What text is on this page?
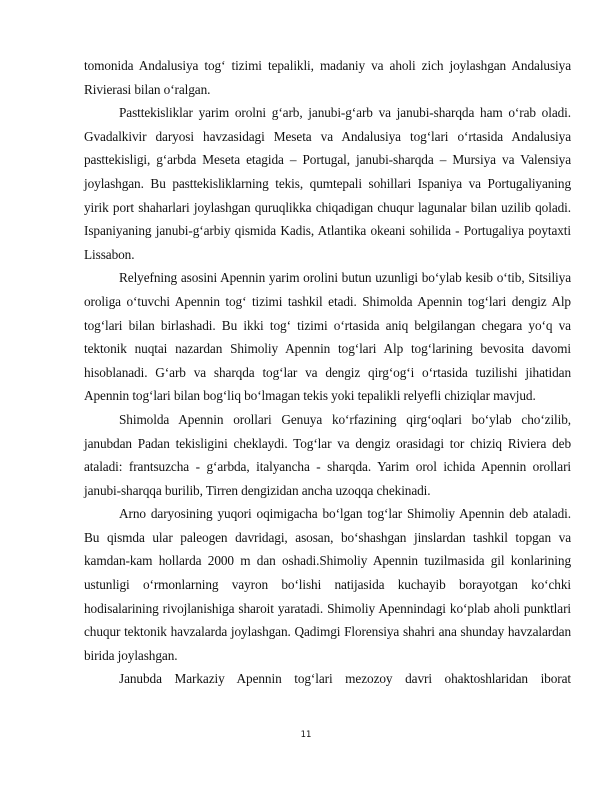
tomonida Andalusiya tog‘ tizimi tepalikli, madaniy va aholi zich joylashgan Andalusiya Rivierasi bilan o‘ralgan.

Pasttekisliklar yarim orolni g‘arb, janubi-g‘arb va janubi-sharqda ham o‘rab oladi. Gvadalkivir daryosi havzasidagi Meseta va Andalusiya tog‘lari o‘rtasida Andalusiya pasttekisligi, g‘arbda Meseta etagida – Portugal, janubi-sharqda – Mursiya va Valensiya joylashgan. Bu pasttekisliklarning tekis, qumtepali sohillari Ispaniya va Portugaliyaning yirik port shaharlari joylashgan quruqlikka chiqadigan chuqur lagunalar bilan uzilib qoladi. Ispaniyaning janubi-g‘arbiy qismida Kadis, Atlantika okeani sohilida - Portugaliya poytaxti Lissabon.

Relyefning asosini Apennin yarim orolini butun uzunligi bo‘ylab kesib o‘tib, Sitsiliya oroliga o‘tuvchi Apennin tog‘ tizimi tashkil etadi. Shimolda Apennin tog‘lari dengiz Alp tog‘lari bilan birlashadi. Bu ikki tog‘ tizimi o‘rtasida aniq belgilangan chegara yo‘q va tektonik nuqtai nazardan Shimoliy Apennin tog‘lari Alp tog‘larining bevosita davomi hisoblanadi. G‘arb va sharqda tog‘lar va dengiz qirg‘og‘i o‘rtasida tuzilishi jihatidan Apennin tog‘lari bilan bog‘liq bo‘lmagan tekis yoki tepalikli relyefli chiziqlar mavjud.

Shimolda Apennin orollari Genuya ko‘rfazining qirg‘oqlari bo‘ylab cho‘zilib, janubdan Padan tekisligini cheklaydi. Tog‘lar va dengiz orasidagi tor chiziq Riviera deb ataladi: frantsuzcha - g‘arbda, italyancha - sharqda. Yarim orol ichida Apennin orollari janubi-sharqqa burilib, Tirren dengizidan ancha uzoqqa chekinadi.

Arno daryosining yuqori oqimigacha bo‘lgan tog‘lar Shimoliy Apennin deb ataladi. Bu qismda ular paleogen davridagi, asosan, bo‘shashgan jinslardan tashkil topgan va kamdan-kam hollarda 2000 m dan oshadi.Shimoliy Apennin tuzilmasida gil konlarining ustunligi o‘rmonlarning vayron bo‘lishi natijasida kuchayib borayotgan ko‘chki hodisalarining rivojlanishiga sharoit yaratadi. Shimoliy Apennindagi ko‘plab aholi punktlari chuqur tektonik havzalarda joylashgan. Qadimgi Florensiya shahri ana shunday havzalardan birida joylashgan.

Janubda Markaziy Apennin tog‘lari mezozoy davri ohaktoshlaridan iborat

11
